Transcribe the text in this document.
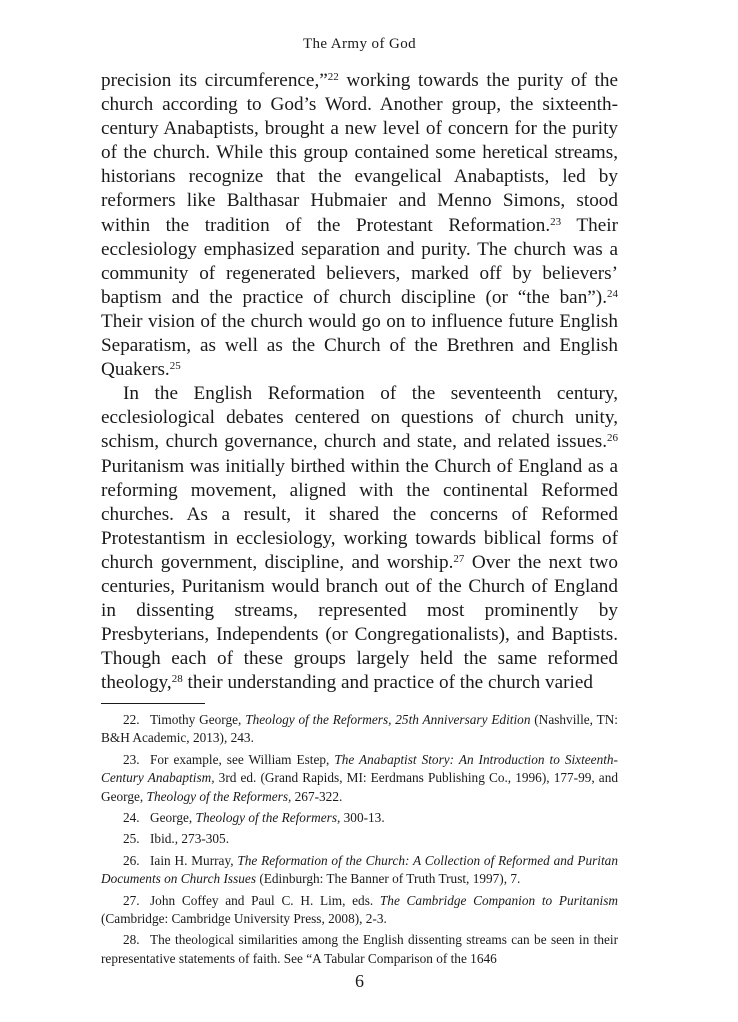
The Army of God

precision its circumference,”$^{22}$ working towards the purity of the church according to God’s Word. Another group, the sixteenth-century Anabaptists, brought a new level of concern for the purity of the church. While this group contained some heretical streams, historians recognize that the evangelical Anabaptists, led by reformers like Balthasar Hubmaier and Menno Simons, stood within the tradition of the Protestant Reformation.$^{23}$ Their ecclesiology emphasized separation and purity. The church was a community of regenerated believers, marked off by believers’ baptism and the practice of church discipline (or “the ban”).$^{24}$ Their vision of the church would go on to influence future English Separatism, as well as the Church of the Brethren and English Quakers.$^{25}$

In the English Reformation of the seventeenth century, ecclesiological debates centered on questions of church unity, schism, church governance, church and state, and related issues.$^{26}$ Puritanism was initially birthed within the Church of England as a reforming movement, aligned with the continental Reformed churches. As a result, it shared the concerns of Reformed Protestantism in ecclesiology, working towards biblical forms of church government, discipline, and worship.$^{27}$ Over the next two centuries, Puritanism would branch out of the Church of England in dissenting streams, represented most prominently by Presbyterians, Independents (or Congregationalists), and Baptists. Though each of these groups largely held the same reformed theology,$^{28}$ their understanding and practice of the church varied

22. Timothy George, Theology of the Reformers, 25th Anniversary Edition (Nashville, TN: B&H Academic, 2013), 243.

23. For example, see William Estep, The Anabaptist Story: An Introduction to Sixteenth-Century Anabaptism, 3rd ed. (Grand Rapids, MI: Eerdmans Publishing Co., 1996), 177-99, and George, Theology of the Reformers, 267-322.

24. George, Theology of the Reformers, 300-13.

25. Ibid., 273-305.

26. Iain H. Murray, The Reformation of the Church: A Collection of Reformed and Puritan Documents on Church Issues (Edinburgh: The Banner of Truth Trust, 1997), 7.

27. John Coffey and Paul C. H. Lim, eds. The Cambridge Companion to Puritanism (Cambridge: Cambridge University Press, 2008), 2-3.

28. The theological similarities among the English dissenting streams can be seen in their representative statements of faith. See “A Tabular Comparison of the 1646

6
